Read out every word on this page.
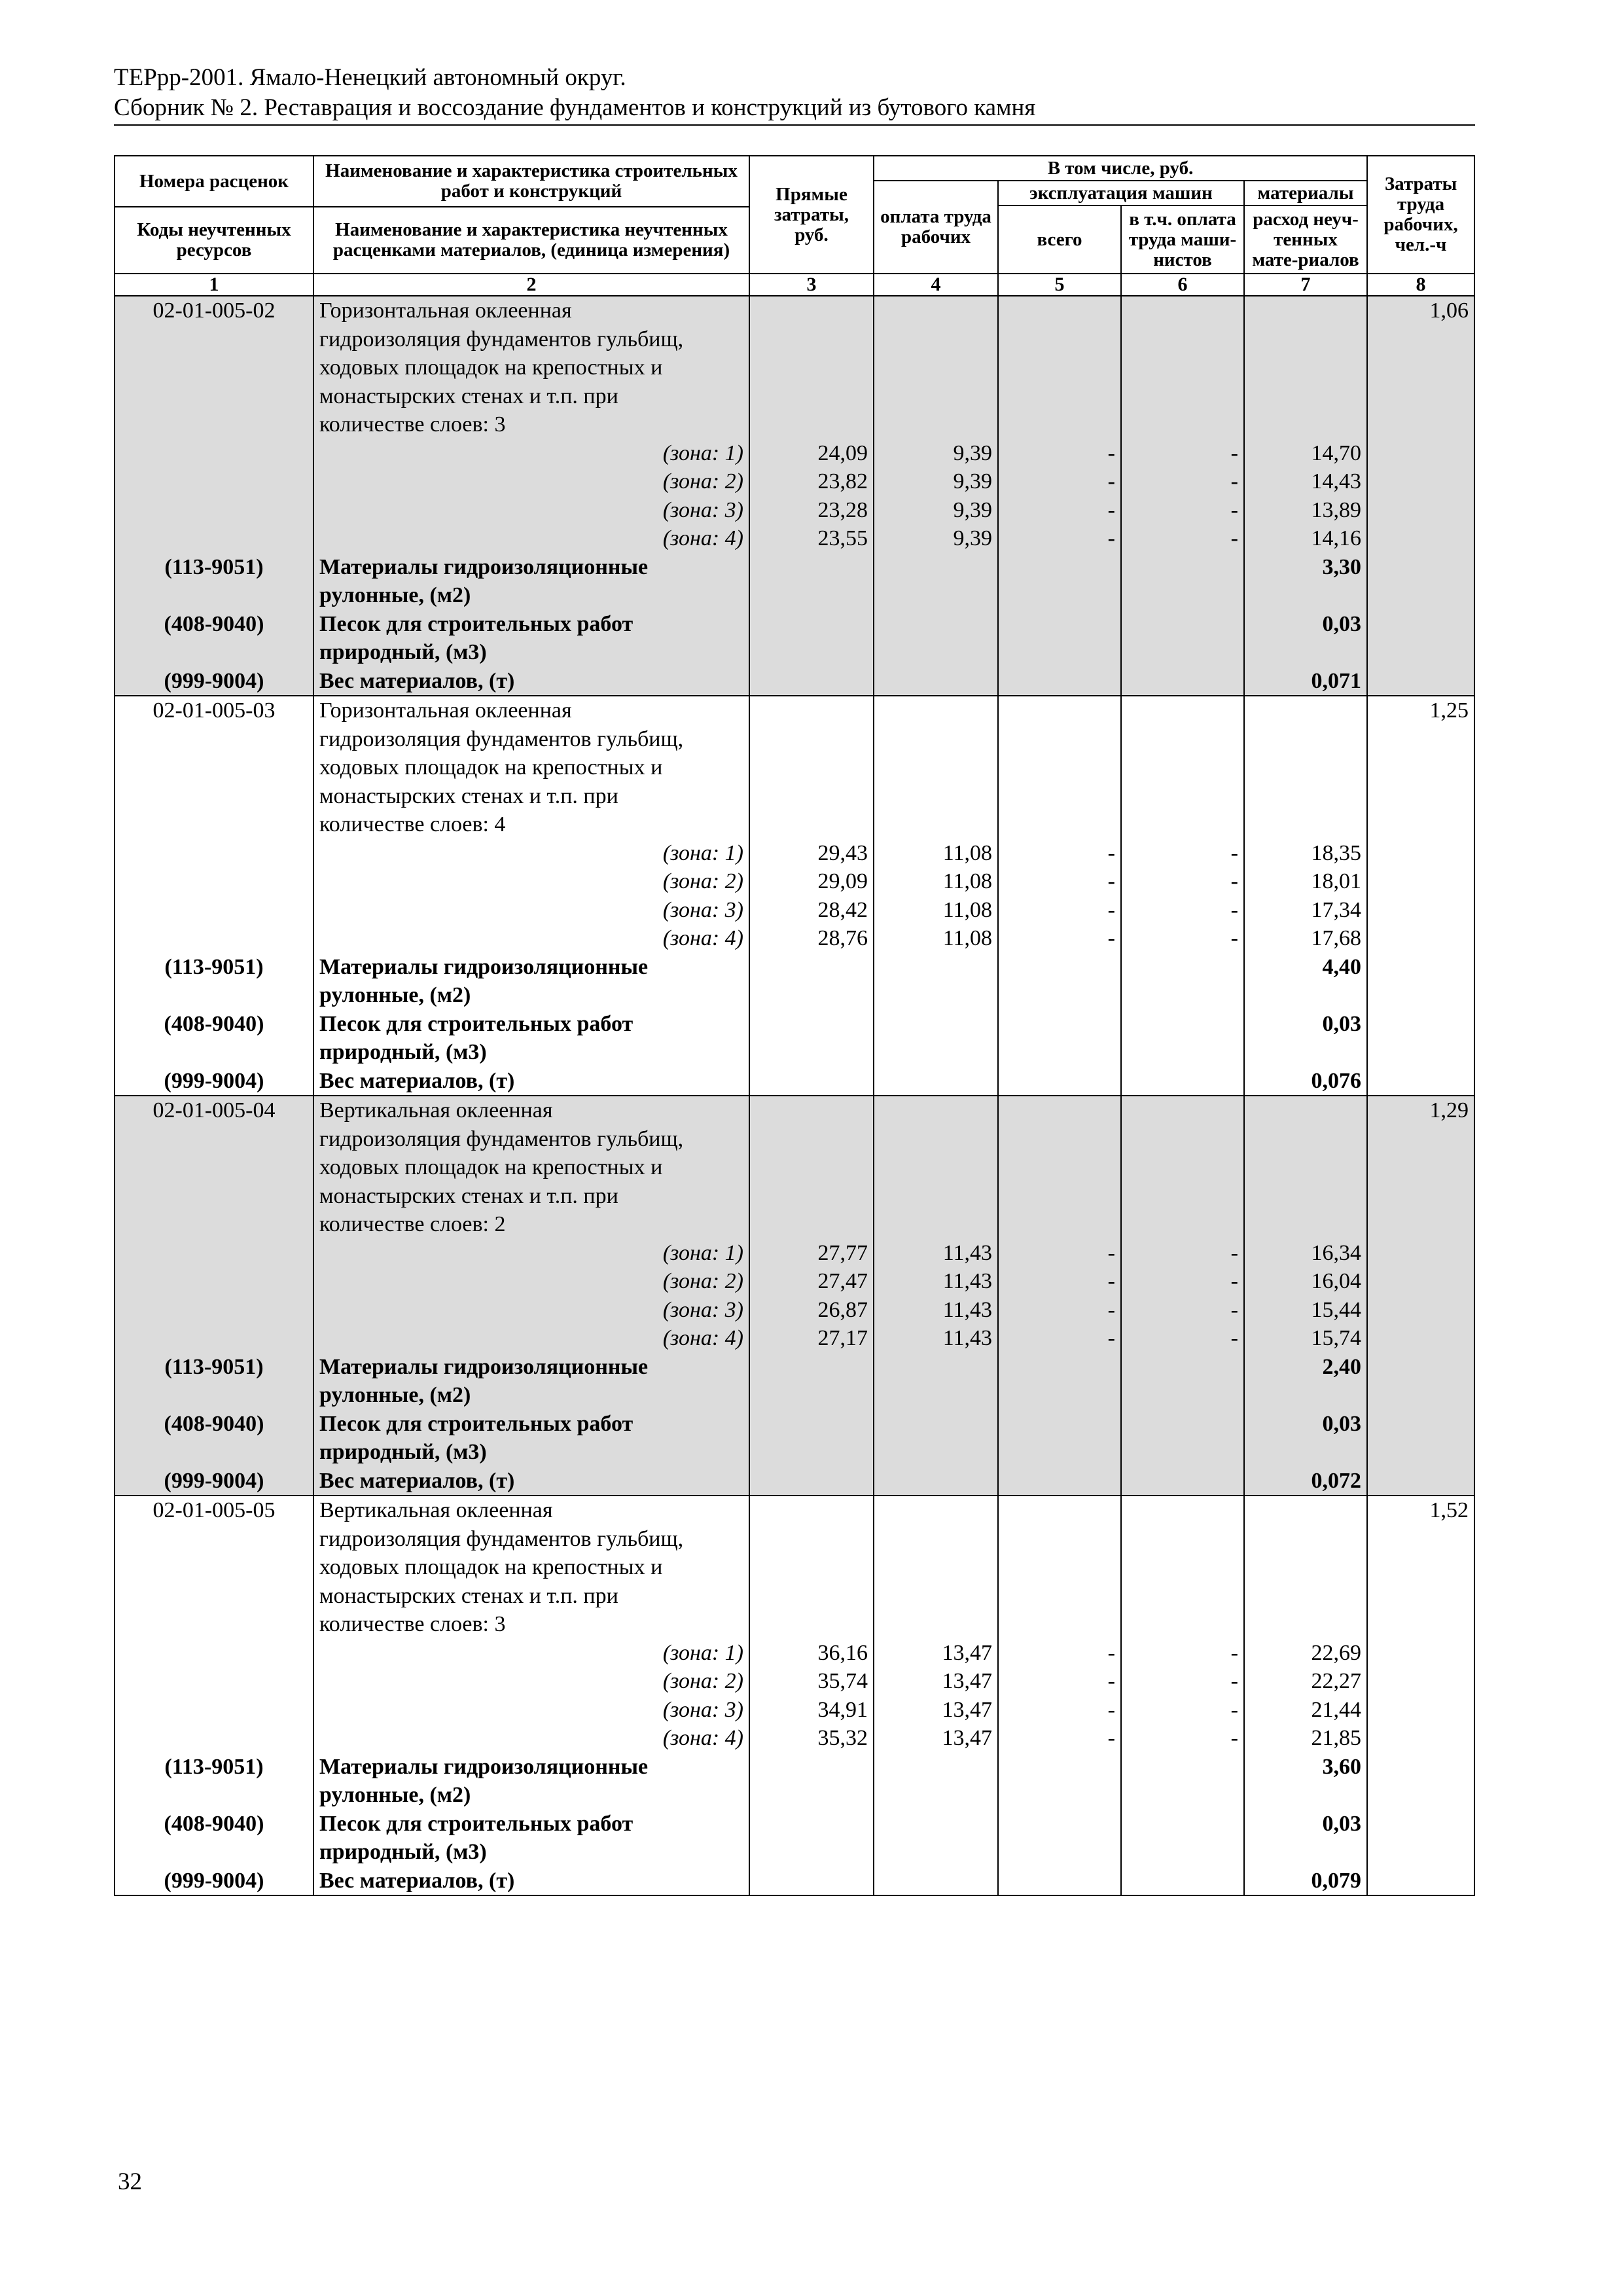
ТЕРрр-2001. Ямало-Ненецкий автономный округ.
Сборник № 2. Реставрация и воссоздание фундаментов и конструкций из бутового камня
Номера расценок	Наименование и характеристика строительных работ и конструкций	Прямые затраты, руб.	В том числе, руб.				Затраты труда рабочих, чел.-ч
			оплата труда рабочих	эксплуатация машин		материалы	
				всего	в т.ч. оплата труда маши-нистов	расход неуч-тенных мате-риалов	
Коды неучтенных ресурсов	Наименование и характеристика неучтенных расценками материалов, (единица измерения)						

1	2	3	4	5	6	7	8
02-01-005-02	Горизонтальная оклеенная						1,06
	гидроизоляция фундаментов гульбищ,						
	ходовых площадок на крепостных и						
	монастырских стенах и т.п. при						
	количестве слоев: 3						
	(зона: 1)	24,09	9,39	-	-	14,70	
	(зона: 2)	23,82	9,39	-	-	14,43	
	(зона: 3)	23,28	9,39	-	-	13,89	
	(зона: 4)	23,55	9,39	-	-	14,16	
(113-9051)	Материалы гидроизоляционные					3,30	
	рулонные, (м2)						
(408-9040)	Песок для строительных работ					0,03	
	природный, (м3)						
(999-9004)	Вес материалов, (т)					0,071	
02-01-005-03	Горизонтальная оклеенная						1,25
	гидроизоляция фундаментов гульбищ,						
	ходовых площадок на крепостных и						
	монастырских стенах и т.п. при						
	количестве слоев: 4						
	(зона: 1)	29,43	11,08	-	-	18,35	
	(зона: 2)	29,09	11,08	-	-	18,01	
	(зона: 3)	28,42	11,08	-	-	17,34	
	(зона: 4)	28,76	11,08	-	-	17,68	
(113-9051)	Материалы гидроизоляционные					4,40	
	рулонные, (м2)						
(408-9040)	Песок для строительных работ					0,03	
	природный, (м3)						
(999-9004)	Вес материалов, (т)					0,076	
02-01-005-04	Вертикальная оклеенная						1,29
	гидроизоляция фундаментов гульбищ,						
	ходовых площадок на крепостных и						
	монастырских стенах и т.п. при						
	количестве слоев: 2						
	(зона: 1)	27,77	11,43	-	-	16,34	
	(зона: 2)	27,47	11,43	-	-	16,04	
	(зона: 3)	26,87	11,43	-	-	15,44	
	(зона: 4)	27,17	11,43	-	-	15,74	
(113-9051)	Материалы гидроизоляционные					2,40	
	рулонные, (м2)						
(408-9040)	Песок для строительных работ					0,03	
	природный, (м3)						
(999-9004)	Вес материалов, (т)					0,072	
02-01-005-05	Вертикальная оклеенная						1,52
	гидроизоляция фундаментов гульбищ,						
	ходовых площадок на крепостных и						
	монастырских стенах и т.п. при						
	количестве слоев: 3						
	(зона: 1)	36,16	13,47	-	-	22,69	
	(зона: 2)	35,74	13,47	-	-	22,27	
	(зона: 3)	34,91	13,47	-	-	21,44	
	(зона: 4)	35,32	13,47	-	-	21,85	
(113-9051)	Материалы гидроизоляционные					3,60	
	рулонные, (м2)						
(408-9040)	Песок для строительных работ					0,03	
	природный, (м3)						
(999-9004)	Вес материалов, (т)					0,079	
32
